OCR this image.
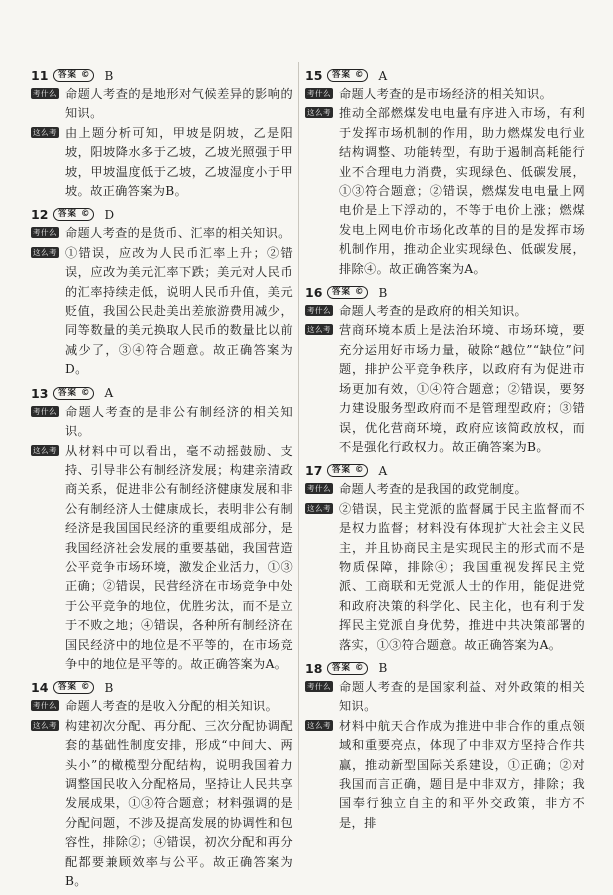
11	答案 ©	B
考什么 命题人考查的是地形对气候差异的影响的知识。
这么考 由上题分析可知，甲坡是阴坡，乙是阳坡，阳坡降水多于乙坡，乙坡光照强于甲坡，甲坡温度低于乙坡，乙坡湿度小于甲坡。故正确答案为B。
12	答案 ©	D
考什么 命题人考查的是货币、汇率的相关知识。
这么考 ①错误，应改为人民币汇率上升；②错误，应改为美元汇率下跌；美元对人民币的汇率持续走低，说明人民币升值，美元贬值，我国公民赴美出差旅游费用减少，同等数量的美元换取人民币的数量比以前减少了，③④符合题意。故正确答案为D。
13	答案 ©	A
考什么 命题人考查的是非公有制经济的相关知识。
这么考 从材料中可以看出，毫不动摇鼓励、支持、引导非公有制经济发展；构建亲清政商关系，促进非公有制经济健康发展和非公有制经济人士健康成长，表明非公有制经济是我国国民经济的重要组成部分，是我国经济社会发展的重要基础，我国营造公平竞争市场环境，激发企业活力，①③正确；②错误，民营经济在市场竞争中处于公平竞争的地位，优胜劣汰，而不是立于不败之地；④错误，各种所有制经济在国民经济中的地位是不平等的，在市场竞争中的地位是平等的。故正确答案为A。
14	答案 ©	B
考什么 命题人考查的是收入分配的相关知识。
这么考 构建初次分配、再分配、三次分配协调配套的基础性制度安排，形成“中间大、两头小”的橄榄型分配结构，说明我国着力调整国民收入分配格局，坚持让人民共享发展成果，①③符合题意；材料强调的是分配问题，不涉及提高发展的协调性和包容性，排除②；④错误，初次分配和再分配都要兼顾效率与公平。故正确答案为B。
15	答案 ©	A
考什么 命题人考查的是市场经济的相关知识。
这么考 推动全部燃煤发电电量有序进入市场，有利于发挥市场机制的作用，助力燃煤发电行业结构调整、功能转型，有助于遏制高耗能行业不合理电力消费，实现绿色、低碳发展，①③符合题意；②错误，燃煤发电电量上网电价是上下浮动的，不等于电价上涨；燃煤发电上网电价市场化改革的目的是发挥市场机制作用，推动企业实现绿色、低碳发展，排除④。故正确答案为A。
16	答案 ©	B
考什么 命题人考查的是政府的相关知识。
这么考 营商环境本质上是法治环境、市场环境，要充分运用好市场力量，破除“越位”“缺位”问题，排护公平竞争秩序，以政府有为促进市场更加有效，①④符合题意；②错误，要努力建设服务型政府而不是管理型政府；③错误，优化营商环境，政府应该简政放权，而不是强化行政权力。故正确答案为B。
17	答案 ©	A
考什么 命题人考查的是我国的政党制度。
这么考 ②错误，民主党派的监督属于民主监督而不是权力监督；材料没有体现扩大社会主义民主，并且协商民主是实现民主的形式而不是物质保障，排除④；我国重视发挥民主党派、工商联和无党派人士的作用，能促进党和政府决策的科学化、民主化，也有利于发挥民主党派自身优势，推进中共决策部署的落实，①③符合题意。故正确答案为A。
18	答案 ©	B
考什么 命题人考查的是国家利益、对外政策的相关知识。
这么考 材料中航天合作成为推进中非合作的重点领域和重要亮点，体现了中非双方坚持合作共赢，推动新型国际关系建设，①正确；②对我国而言正确，题目是中非双方，排除；我国奉行独立自主的和平外交政策，非方不是，排
